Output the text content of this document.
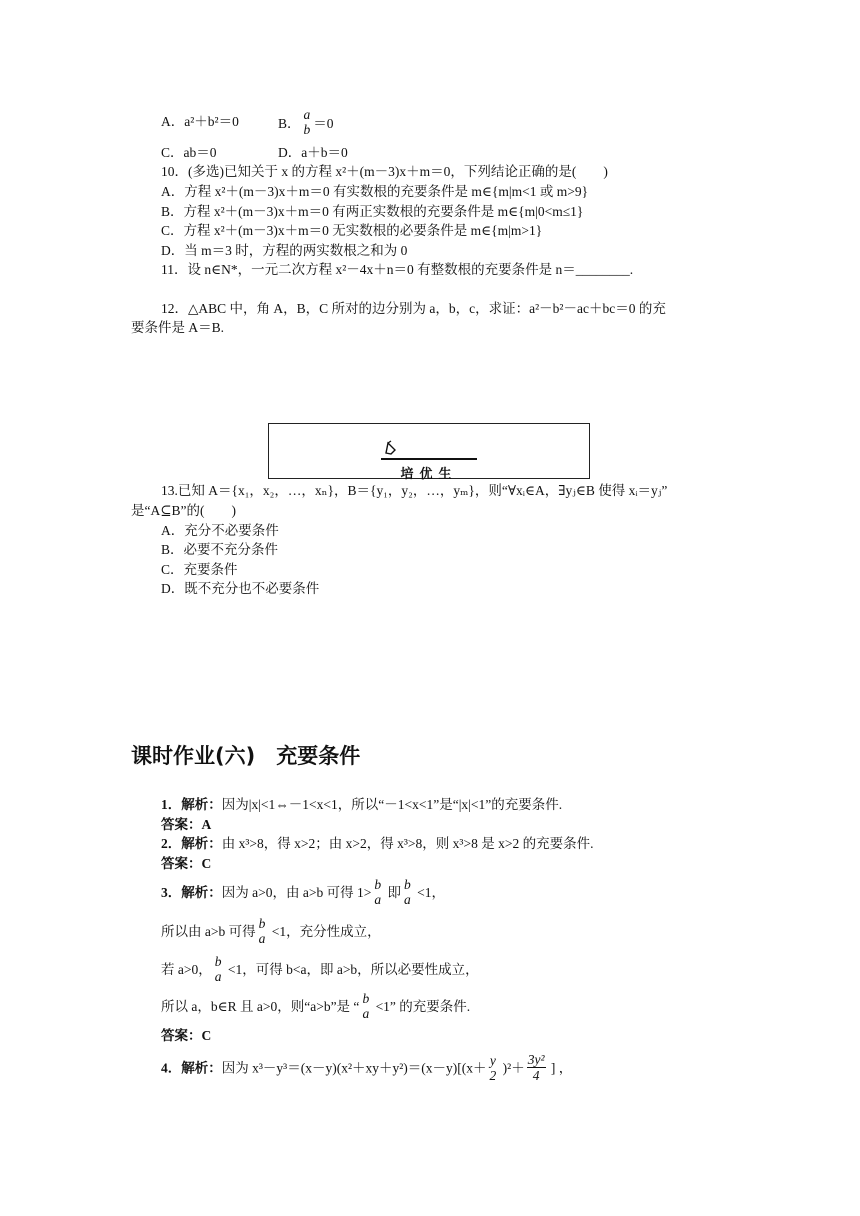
A．a²＋b²＝0	B．
a
b ＝0
C．ab＝0	D．a＋b＝0
10．(多选)已知关于 x 的方程 x²＋(m－3)x＋m＝0，下列结论正确的是(　　)
A．方程 x²＋(m－3)x＋m＝0 有实数根的充要条件是 m∈{m|m<1 或 m>9}
B．方程 x²＋(m－3)x＋m＝0 有两正实数根的充要条件是 m∈{m|0<m≤1}
C．方程 x²＋(m－3)x＋m＝0 无实数根的必要条件是 m∈{m|m>1}
D．当 m＝3 时，方程的两实数根之和为 0
11．设 n∈N*，一元二次方程 x²－4x＋n＝0 有整数根的充要条件是 n＝________.
12．△ABC 中，角 A，B，C 所对的边分别为 a，b，c，求证：a²－b²－ac＋bc＝0 的充
要条件是 A＝B.
培优生
13.已知 A＝{x₁，x₂，…，xₙ}，B＝{y₁，y₂，…，yₘ}，则“∀xᵢ∈A，∃yⱼ∈B 使得 xᵢ＝yⱼ”
是“A⊆B”的(　　)
A．充分不必要条件
B．必要不充分条件
C．充要条件
D．既不充分也不必要条件
课时作业(六)　充要条件
1．解析：因为|x|<1⇔－1<x<1，所以“－1<x<1”是“|x|<1”的充要条件.
答案：A
2．解析：由 x³>8，得 x>2；由 x>2，得 x³>8，则 x³>8 是 x>2 的充要条件.
答案：C
3．解析：因为 a>0，由 a>b 可得 1>
b
a 即
b
a <1，
所以由 a>b 可得
b
a <1，充分性成立，
若 a>0，
b
a <1，可得 b<a，即 a>b，所以必要性成立，
所以 a，b∈R 且 a>0，则“a>b”是 “
b
a <1” 的充要条件.
答案：C
4．解析：因为 x³－y³＝(x－y)(x²＋xy＋y²)＝(x－y)[(x＋
y
2 )$^2+ \frac{\text{3y²}}{4}$ ] ，
